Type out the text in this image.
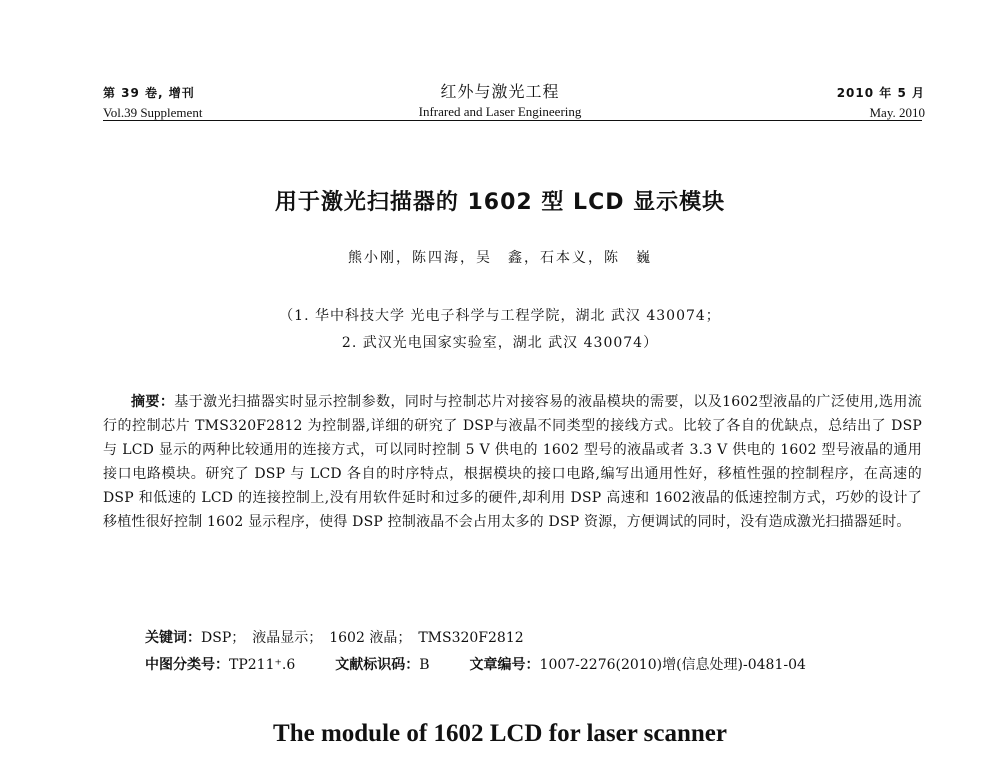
第 39 卷, 增刊
Vol.39 Supplement
红外与激光工程
Infrared and Laser Engineering
2010 年 5 月
May. 2010
用于激光扫描器的 1602 型 LCD 显示模块
熊小刚，陈四海，吴　鑫，石本义，陈　巍
（1. 华中科技大学 光电子科学与工程学院，湖北 武汉 430074；
2. 武汉光电国家实验室，湖北 武汉 430074）

摘要：基于激光扫描器实时显示控制参数，同时与控制芯片对接容易的液晶模块的需要，以及1602型液晶的广泛使用,选用流行的控制芯片 TMS320F2812 为控制器,详细的研究了 DSP与液晶不同类型的接线方式。比较了各自的优缺点，总结出了 DSP 与 LCD 显示的两种比较通用的连接方式，可以同时控制 5 V 供电的 1602 型号的液晶或者 3.3 V 供电的 1602 型号液晶的通用接口电路模块。研究了 DSP 与 LCD 各自的时序特点，根据模块的接口电路,编写出通用性好，移植性强的控制程序，在高速的 DSP 和低速的 LCD 的连接控制上,没有用软件延时和过多的硬件,却利用 DSP 高速和 1602液晶的低速控制方式，巧妙的设计了移植性很好控制 1602 显示程序，使得 DSP 控制液晶不会占用太多的 DSP 资源，方便调试的同时，没有造成激光扫描器延时。

关键词：DSP；　液晶显示；　1602 液晶；　TMS320F2812
中图分类号：TP211⁺.6	文献标识码：B	文章编号：1007-2276(2010)增(信息处理)-0481-04
The module of 1602 LCD for laser scanner
